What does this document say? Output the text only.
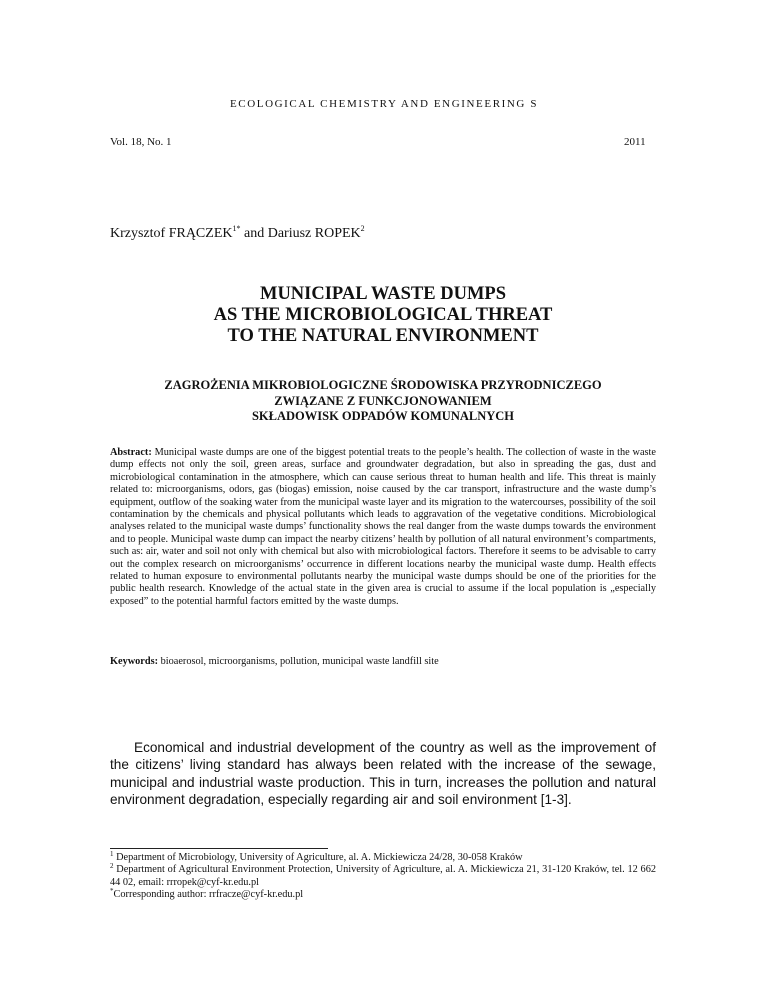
ECOLOGICAL CHEMISTRY AND ENGINEERING S
Vol. 18, No. 1	2011
Krzysztof $FRĄCZEK^{1*}$ and Dariusz ROPEK$^2$
MUNICIPAL WASTE DUMPS
AS THE MICROBIOLOGICAL THREAT
TO THE NATURAL ENVIRONMENT
ZAGROŻENIA MIKROBIOLOGICZNE ŚRODOWISKA PRZYRODNICZEGO
ZWIĄZANE Z FUNKCJONOWANIEM
SKŁADOWISK ODPADÓW KOMUNALNYCH
Abstract: Municipal waste dumps are one of the biggest potential treats to the people’s health. The collection of waste in the waste dump effects not only the soil, green areas, surface and groundwater degradation, but also in spreading the gas, dust and microbiological contamination in the atmosphere, which can cause serious threat to human health and life. This threat is mainly related to: microorganisms, odors, gas (biogas) emission, noise caused by the car transport, infrastructure and the waste dump’s equipment, outflow of the soaking water from the municipal waste layer and its migration to the watercourses, possibility of the soil contamination by the chemicals and physical pollutants which leads to aggravation of the vegetative conditions. Microbiological analyses related to the municipal waste dumps’ functionality shows the real danger from the waste dumps towards the environment and to people. Municipal waste dump can impact the nearby citizens’ health by pollution of all natural environment’s compartments, such as: air, water and soil not only with chemical but also with microbiological factors. Therefore it seems to be advisable to carry out the complex research on microorganisms’ occurrence in different locations nearby the municipal waste dump. Health effects related to human exposure to environmental pollutants nearby the municipal waste dumps should be one of the priorities for the public health research. Knowledge of the actual state in the given area is crucial to assume if the local population is „especially exposed” to the potential harmful factors emitted by the waste dumps.
Keywords: bioaerosol, microorganisms, pollution, municipal waste landfill site
Economical and industrial development of the country as well as the improvement of the citizens’ living standard has always been related with the increase of the sewage, municipal and industrial waste production. This in turn, increases the pollution and natural environment degradation, especially regarding air and soil environment [1-3].

$^1$ Department of Microbiology, University of Agriculture, al. A. Mickiewicza 24/28, 30-058 Kraków

$^2$ Department of Agricultural Environment Protection, University of Agriculture, al. A. Mickiewicza 21, 31-120 Kraków, tel. 12 662 44 02, email: rrropek@cyf-kr.edu.pl

*Corresponding author: rrfracze@cyf-kr.edu.pl
